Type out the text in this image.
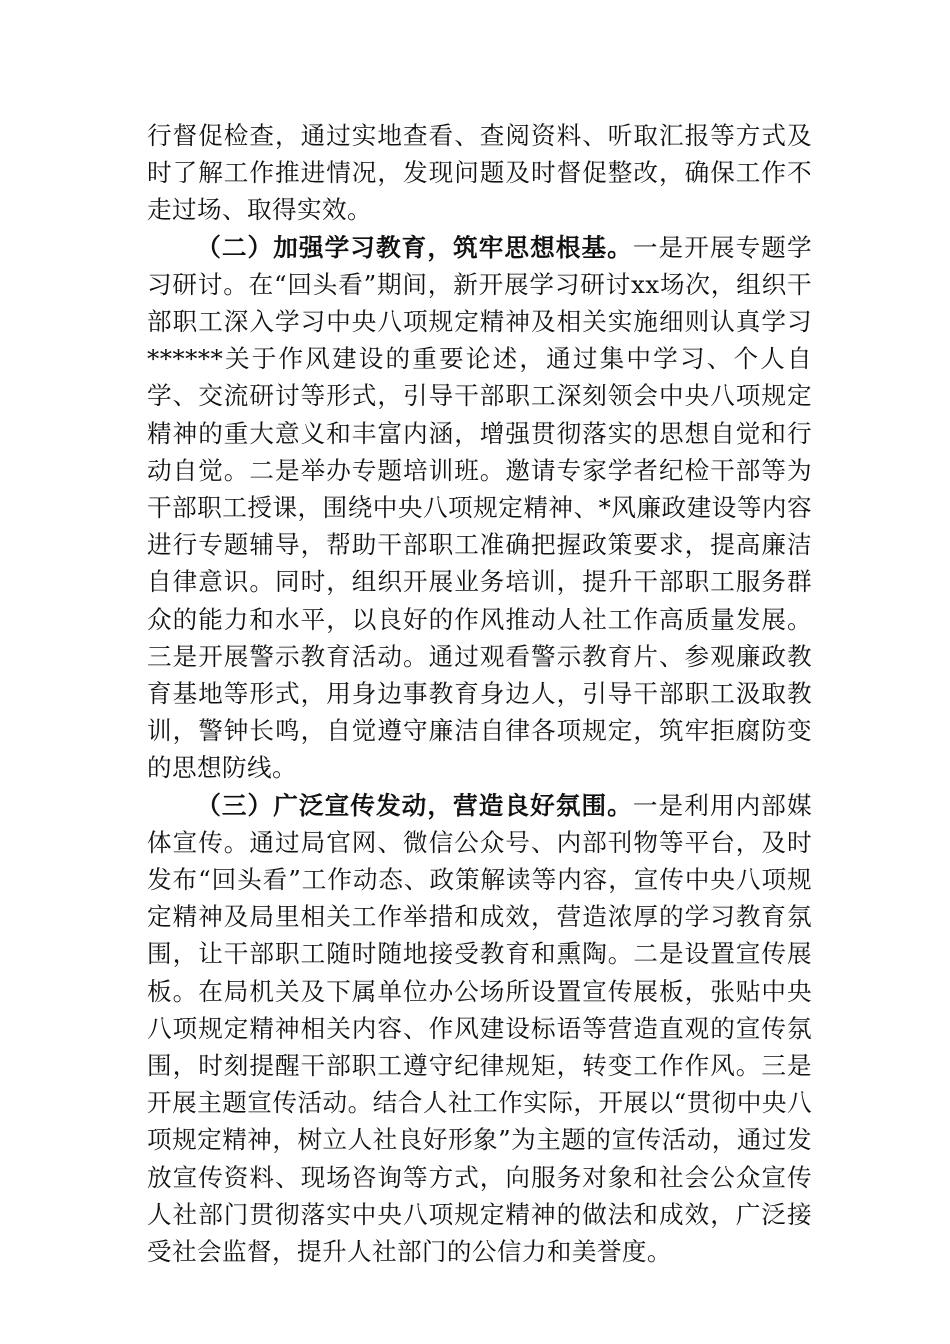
行督促检查，通过实地查看、查阅资料、听取汇报等方式及时了解工作推进情况，发现问题及时督促整改，确保工作不走过场、取得实效。

（二）加强学习教育，筑牢思想根基。一是开展专题学习研讨。在“回头看”期间，新开展学习研讨xx场次，组织干部职工深入学习中央八项规定精神及相关实施细则认真学习******关于作风建设的重要论述，通过集中学习、个人自学、交流研讨等形式，引导干部职工深刻领会中央八项规定精神的重大意义和丰富内涵，增强贯彻落实的思想自觉和行动自觉。二是举办专题培训班。邀请专家学者纪检干部等为干部职工授课，围绕中央八项规定精神、*风廉政建设等内容进行专题辅导，帮助干部职工准确把握政策要求，提高廉洁自律意识。同时，组织开展业务培训，提升干部职工服务群众的能力和水平，以良好的作风推动人社工作高质量发展。三是开展警示教育活动。通过观看警示教育片、参观廉政教育基地等形式，用身边事教育身边人，引导干部职工汲取教训，警钟长鸣，自觉遵守廉洁自律各项规定，筑牢拒腐防变的思想防线。

（三）广泛宣传发动，营造良好氛围。一是利用内部媒体宣传。通过局官网、微信公众号、内部刊物等平台，及时发布“回头看”工作动态、政策解读等内容，宣传中央八项规定精神及局里相关工作举措和成效，营造浓厚的学习教育氛围，让干部职工随时随地接受教育和熏陶。二是设置宣传展板。在局机关及下属单位办公场所设置宣传展板，张贴中央八项规定精神相关内容、作风建设标语等营造直观的宣传氛围，时刻提醒干部职工遵守纪律规矩，转变工作作风。三是开展主题宣传活动。结合人社工作实际，开展以“贯彻中央八项规定精神，树立人社良好形象”为主题的宣传活动，通过发放宣传资料、现场咨询等方式，向服务对象和社会公众宣传人社部门贯彻落实中央八项规定精神的做法和成效，广泛接受社会监督，提升人社部门的公信力和美誉度。
